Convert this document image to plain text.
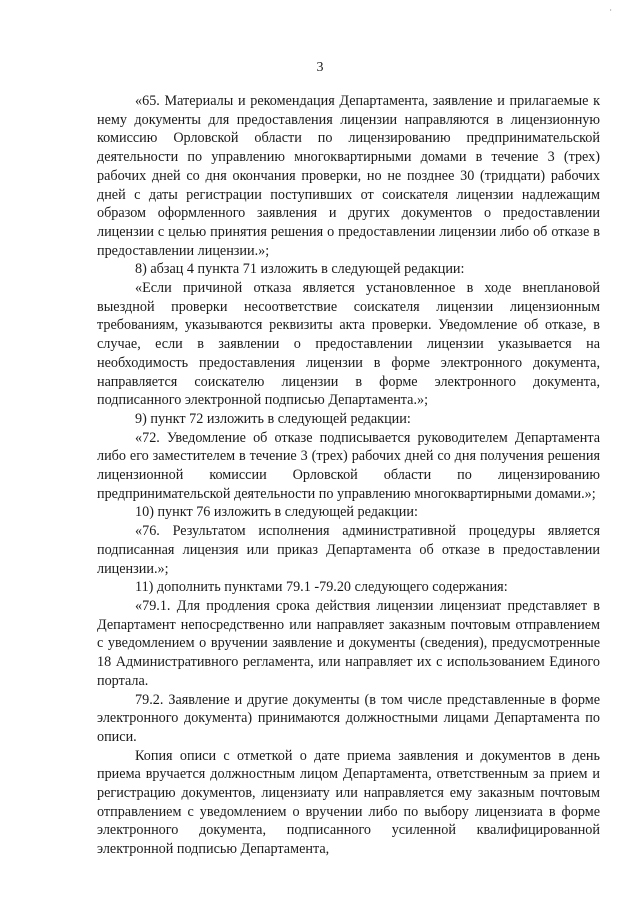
·
3

«65. Материалы и рекомендация Департамента, заявление и прилагаемые к нему документы для предоставления лицензии направляются в лицензионную комиссию Орловской области по лицензированию предпринимательской деятельности по управлению многоквартирными домами в течение 3 (трех) рабочих дней со дня окончания проверки, но не позднее 30 (тридцати) рабочих дней с даты регистрации поступивших от соискателя лицензии надлежащим образом оформленного заявления и других документов о предоставлении лицензии с целью принятия решения о предоставлении лицензии либо об отказе в предоставлении лицензии.»;

8) абзац 4 пункта 71 изложить в следующей редакции:

«Если причиной отказа является установленное в ходе внеплановой выездной проверки несоответствие соискателя лицензии лицензионным требованиям, указываются реквизиты акта проверки. Уведомление об отказе, в случае, если в заявлении о предоставлении лицензии указывается на необходимость предоставления лицензии в форме электронного документа, направляется соискателю лицензии в форме электронного документа, подписанного электронной подписью Департамента.»;

9) пункт 72 изложить в следующей редакции:

«72. Уведомление об отказе подписывается руководителем Департамента либо его заместителем в течение 3 (трех) рабочих дней со дня получения решения лицензионной комиссии Орловской области по лицензированию предпринимательской деятельности по управлению многоквартирными домами.»;

10) пункт 76 изложить в следующей редакции:

«76. Результатом исполнения административной процедуры является подписанная лицензия или приказ Департамента об отказе в предоставлении лицензии.»;

11) дополнить пунктами 79.1 -79.20 следующего содержания:

«79.1. Для продления срока действия лицензии лицензиат представляет в Департамент непосредственно или направляет заказным почтовым отправлением с уведомлением о вручении заявление и документы (сведения), предусмотренные 18 Административного регламента, или направляет их с использованием Единого портала.

79.2. Заявление и другие документы (в том числе представленные в форме электронного документа) принимаются должностными лицами Департамента по описи.

Копия описи с отметкой о дате приема заявления и документов в день приема вручается должностным лицом Департамента, ответственным за прием и регистрацию документов, лицензиату или направляется ему заказным почтовым отправлением с уведомлением о вручении либо по выбору лицензиата в форме электронного документа, подписанного усиленной квалифицированной электронной подписью Департамента,
